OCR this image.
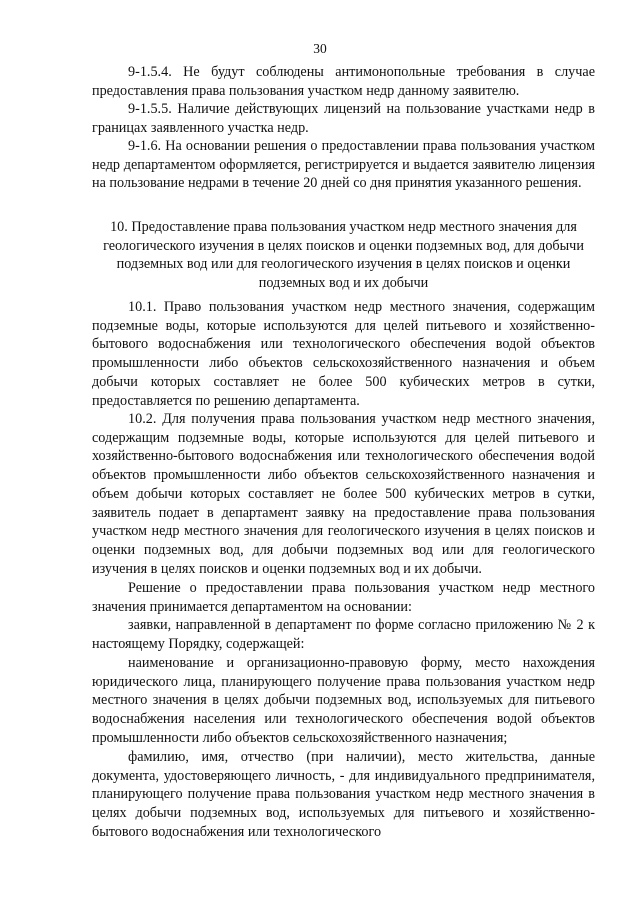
30

9-1.5.4. Не будут соблюдены антимонопольные требования в случае предоставления права пользования участком недр данному заявителю.

9-1.5.5. Наличие действующих лицензий на пользование участками недр в границах заявленного участка недр.

9-1.6. На основании решения о предоставлении права пользования участком недр департаментом оформляется, регистрируется и выдается заявителю лицензия на пользование недрами в течение 20 дней со дня принятия указанного решения.

10. Предоставление права пользования участком недр местного значения для геологического изучения в целях поисков и оценки подземных вод, для добычи подземных вод или для геологического изучения в целях поисков и оценки подземных вод и их добычи

10.1. Право пользования участком недр местного значения, содержащим подземные воды, которые используются для целей питьевого и хозяйственно-бытового водоснабжения или технологического обеспечения водой объектов промышленности либо объектов сельскохозяйственного назначения и объем добычи которых составляет не более 500 кубических метров в сутки, предоставляется по решению департамента.

10.2. Для получения права пользования участком недр местного значения, содержащим подземные воды, которые используются для целей питьевого и хозяйственно-бытового водоснабжения или технологического обеспечения водой объектов промышленности либо объектов сельскохозяйственного назначения и объем добычи которых составляет не более 500 кубических метров в сутки, заявитель подает в департамент заявку на предоставление права пользования участком недр местного значения для геологического изучения в целях поисков и оценки подземных вод, для добычи подземных вод или для геологического изучения в целях поисков и оценки подземных вод и их добычи.

Решение о предоставлении права пользования участком недр местного значения принимается департаментом на основании:

заявки, направленной в департамент по форме согласно приложению № 2 к настоящему Порядку, содержащей:

наименование и организационно-правовую форму, место нахождения юридического лица, планирующего получение права пользования участком недр местного значения в целях добычи подземных вод, используемых для питьевого водоснабжения населения или технологического обеспечения водой объектов промышленности либо объектов сельскохозяйственного назначения;

фамилию, имя, отчество (при наличии), место жительства, данные документа, удостоверяющего личность, - для индивидуального предпринимателя, планирующего получение права пользования участком недр местного значения в целях добычи подземных вод, используемых для питьевого и хозяйственно-бытового водоснабжения или технологического
